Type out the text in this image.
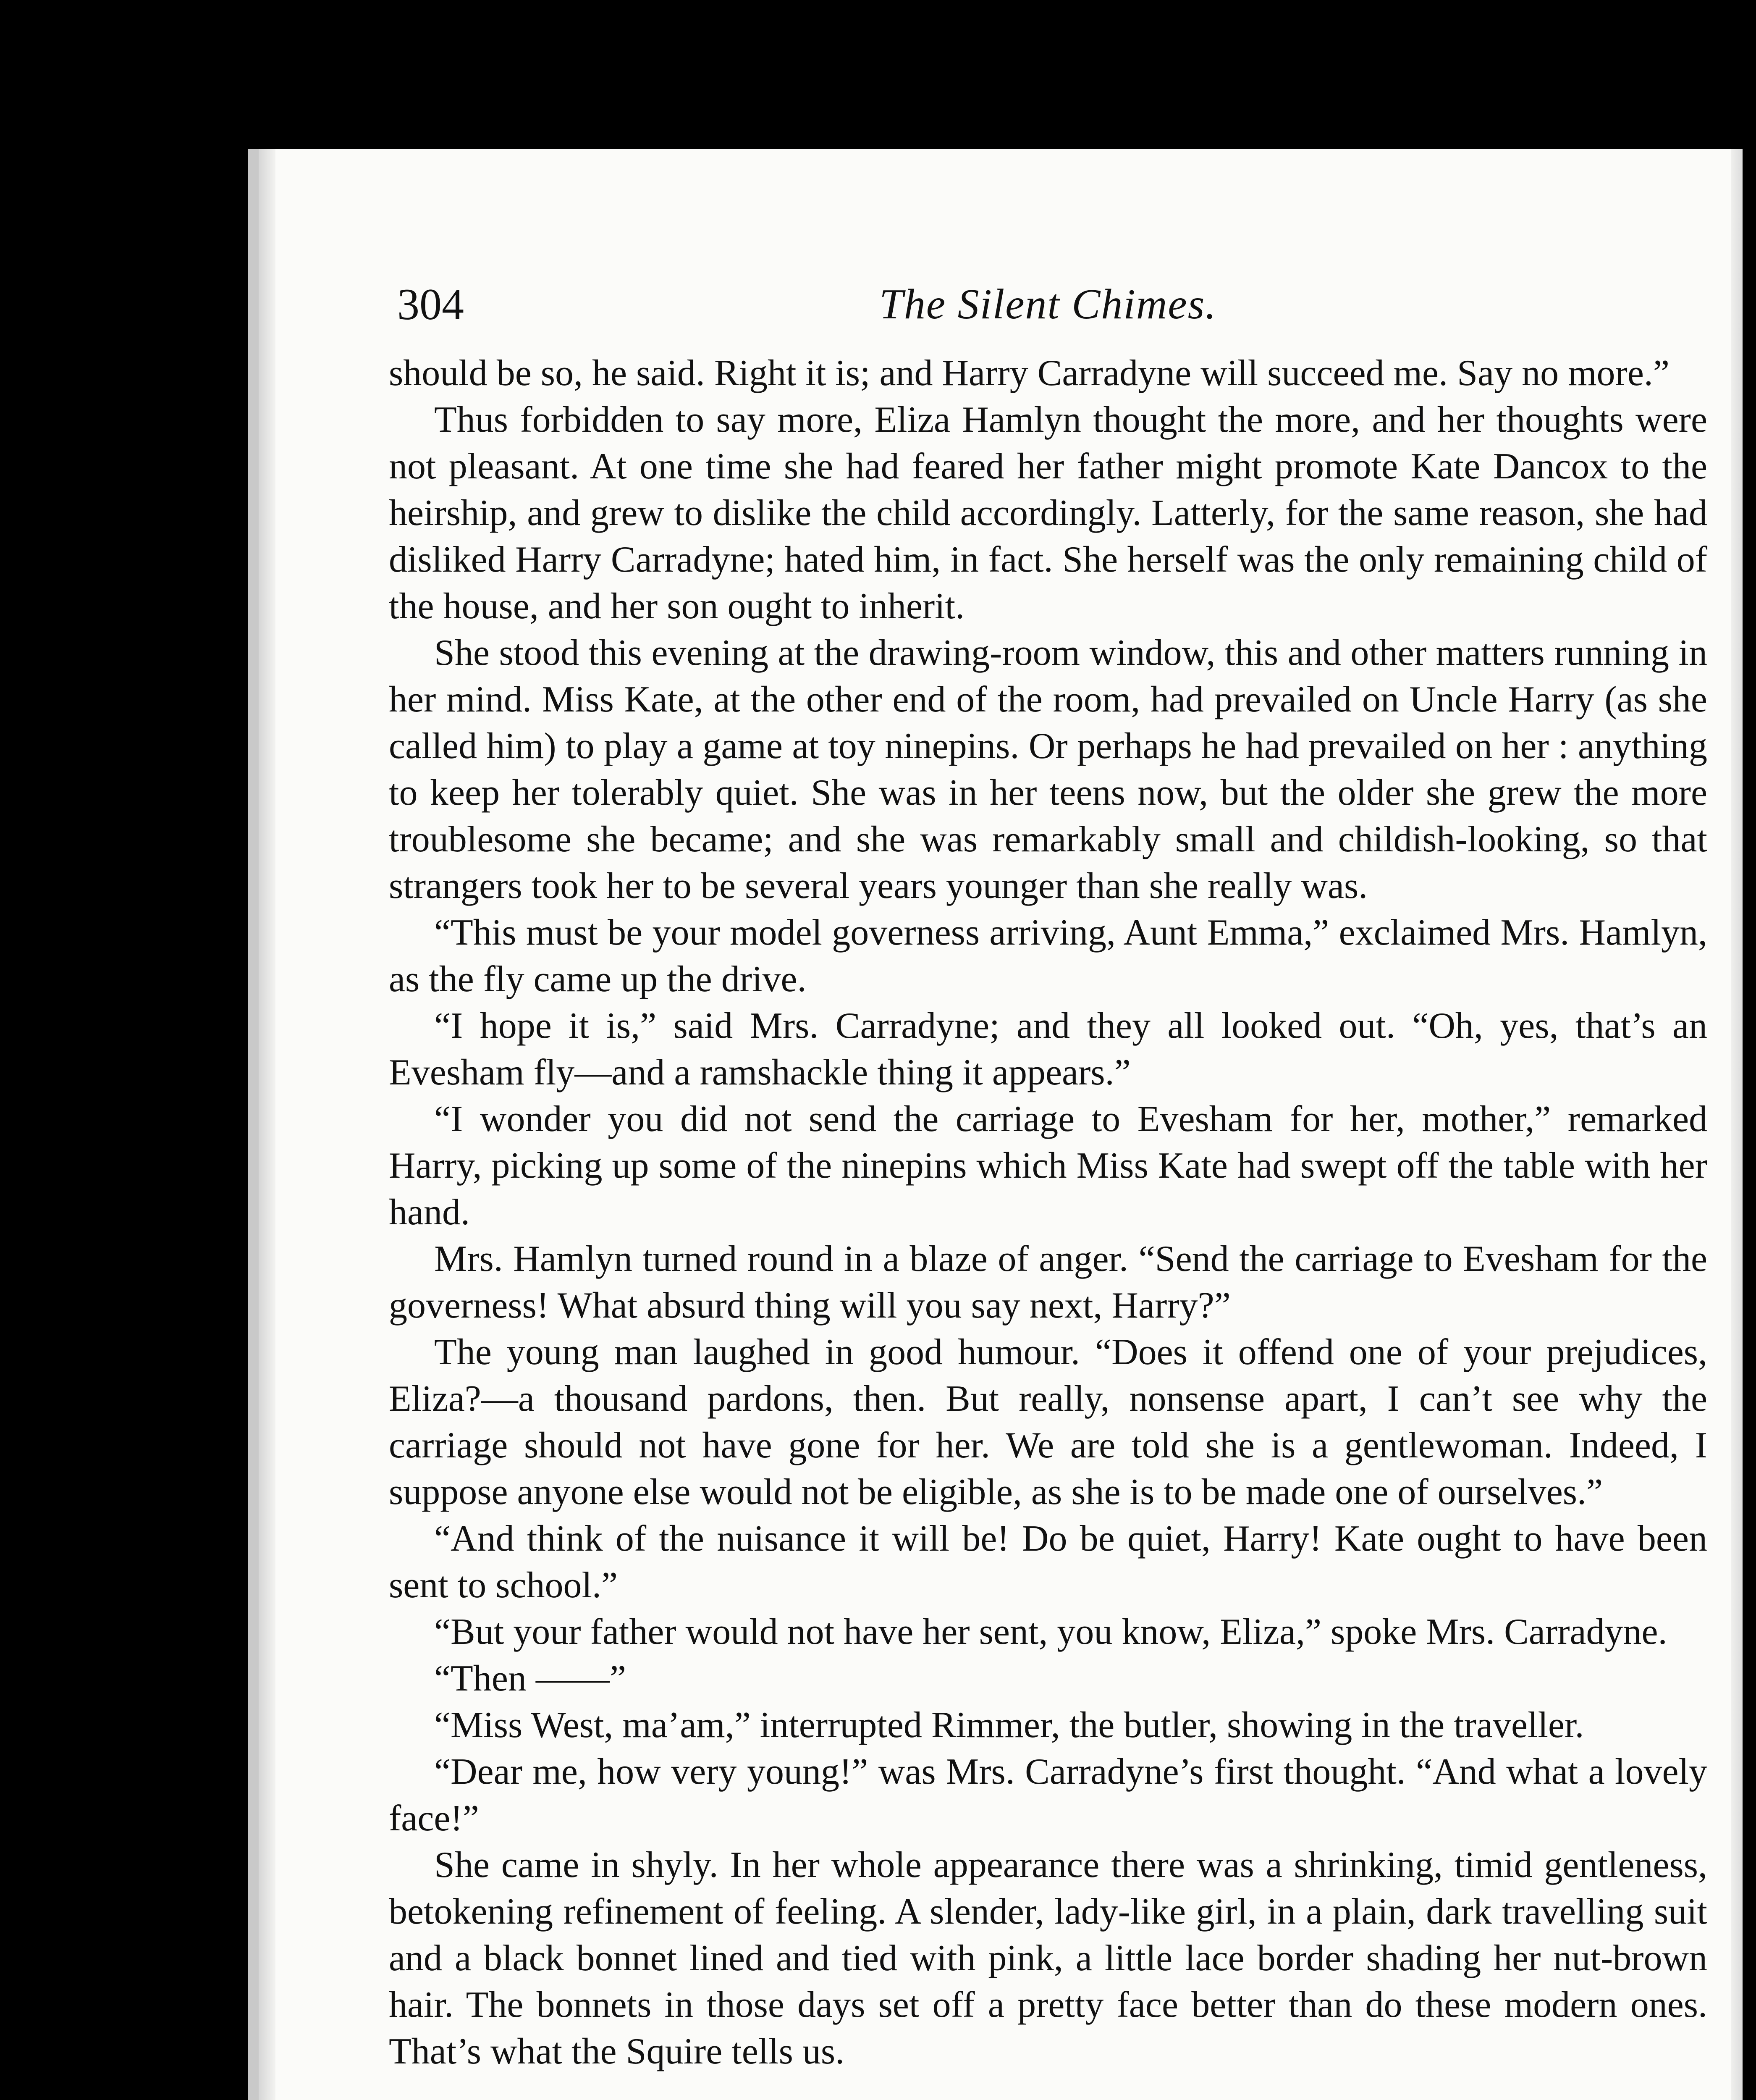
304	The Silent Chimes.

should be so, he said. Right it is; and Harry Carradyne will succeed me. Say no more.”

Thus forbidden to say more, Eliza Hamlyn thought the more, and her thoughts were not pleasant. At one time she had feared her father might promote Kate Dancox to the heirship, and grew to dislike the child accordingly. Latterly, for the same reason, she had disliked Harry Carradyne; hated him, in fact. She herself was the only remaining child of the house, and her son ought to inherit.

She stood this evening at the drawing-room window, this and other matters running in her mind. Miss Kate, at the other end of the room, had prevailed on Uncle Harry (as she called him) to play a game at toy ninepins. Or perhaps he had prevailed on her : anything to keep her tolerably quiet. She was in her teens now, but the older she grew the more troublesome she became; and she was remarkably small and childish-looking, so that strangers took her to be several years younger than she really was.

“This must be your model governess arriving, Aunt Emma,” exclaimed Mrs. Hamlyn, as the fly came up the drive.

“I hope it is,” said Mrs. Carradyne; and they all looked out. “Oh, yes, that’s an Evesham fly—and a ramshackle thing it appears.”

“I wonder you did not send the carriage to Evesham for her, mother,” remarked Harry, picking up some of the ninepins which Miss Kate had swept off the table with her hand.

Mrs. Hamlyn turned round in a blaze of anger. “Send the carriage to Evesham for the governess! What absurd thing will you say next, Harry?”

The young man laughed in good humour. “Does it offend one of your prejudices, Eliza?—a thousand pardons, then. But really, nonsense apart, I can’t see why the carriage should not have gone for her. We are told she is a gentlewoman. Indeed, I suppose anyone else would not be eligible, as she is to be made one of ourselves.”

“And think of the nuisance it will be! Do be quiet, Harry! Kate ought to have been sent to school.”

“But your father would not have her sent, you know, Eliza,” spoke Mrs. Carradyne.

“Then ——”

“Miss West, ma’am,” interrupted Rimmer, the butler, showing in the traveller.

“Dear me, how very young!” was Mrs. Carradyne’s first thought. “And what a lovely face!”

She came in shyly. In her whole appearance there was a shrinking, timid gentleness, betokening refinement of feeling. A slender, lady-like girl, in a plain, dark travelling suit and a black bonnet lined and tied with pink, a little lace border shading her nut-brown hair. The bonnets in those days set off a pretty face better than do these modern ones. That’s what the Squire tells us.
